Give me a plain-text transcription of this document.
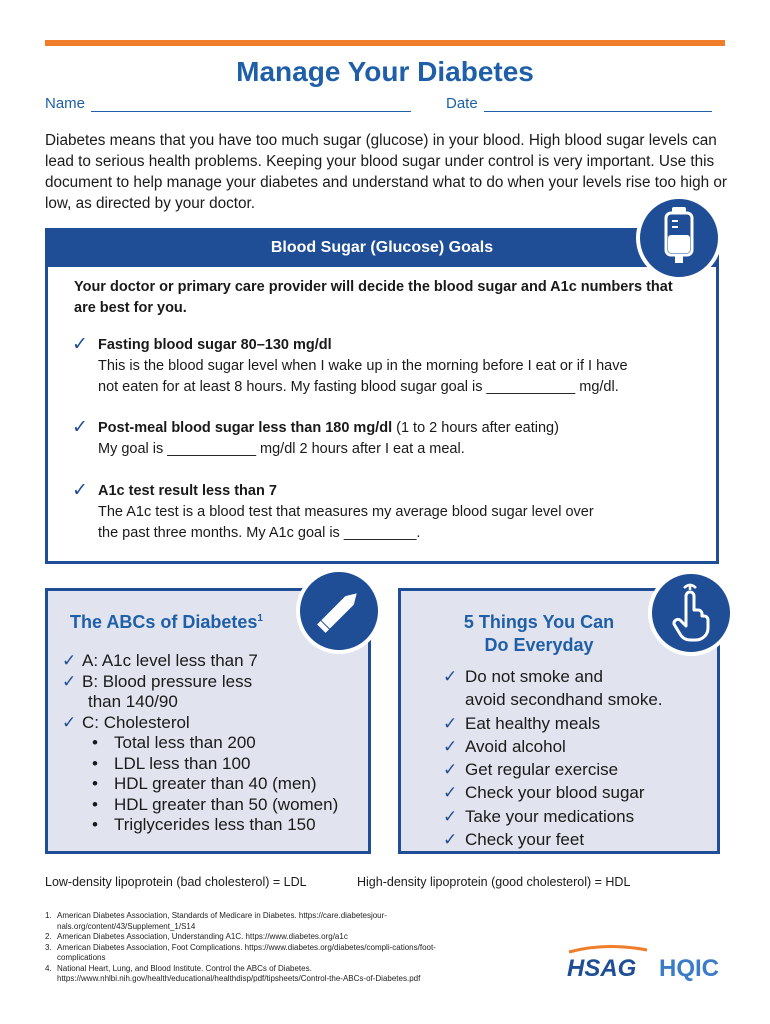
Manage Your Diabetes
Name	Date

Diabetes means that you have too much sugar (glucose) in your blood. High blood sugar levels can lead to serious health problems. Keeping your blood sugar under control is very important. Use this document to help manage your diabetes and understand what to do when your levels rise too high or low, as directed by your doctor.

Blood Sugar (Glucose) Goals
Your doctor or primary care provider will decide the blood sugar and A1c numbers that are best for you.
✓ Fasting blood sugar 80–130 mg/dl
This is the blood sugar level when I wake up in the morning before I eat or if I have
not eaten for at least 8 hours. My fasting blood sugar goal is ___________ mg/dl.
✓ Post-meal blood sugar less than 180 mg/dl (1 to 2 hours after eating)
My goal is ___________ mg/dl 2 hours after I eat a meal.
✓ A1c test result less than 7
The A1c test is a blood test that measures my average blood sugar level over
the past three months. My A1c goal is _________.
The ABCs of Diabetes$^1$
✓ A: A1c level less than 7
✓ B: Blood pressure less
than 140/90
✓ C: Cholesterol
• Total less than 200
• LDL less than 100
• HDL greater than 40 (men)
• HDL greater than 50 (women)
• Triglycerides less than 150
5 Things You Can
Do Everyday
✓ Do not smoke and
avoid secondhand smoke.
✓ Eat healthy meals
✓ Avoid alcohol
✓ Get regular exercise
✓ Check your blood sugar
✓ Take your medications
✓ Check your feet
Low-density lipoprotein (bad cholesterol) = LDL	High-density lipoprotein (good cholesterol) = HDL
1. American Diabetes Association, Standards of Medicare in Diabetes. https://care.diabetesjour-nals.org/content/43/Supplement_1/S14
2. American Diabetes Association, Understanding A1C. https://www.diabetes.org/a1c
3. American Diabetes Association, Foot Complications. https://www.diabetes.org/diabetes/compli-cations/foot-complications
4. National Heart, Lung, and Blood Institute. Control the ABCs of Diabetes. https://www.nhlbi.nih.gov/health/educational/healthdisp/pdf/tipsheets/Control-the-ABCs-of-Diabetes.pdf	HSAG HQIC
